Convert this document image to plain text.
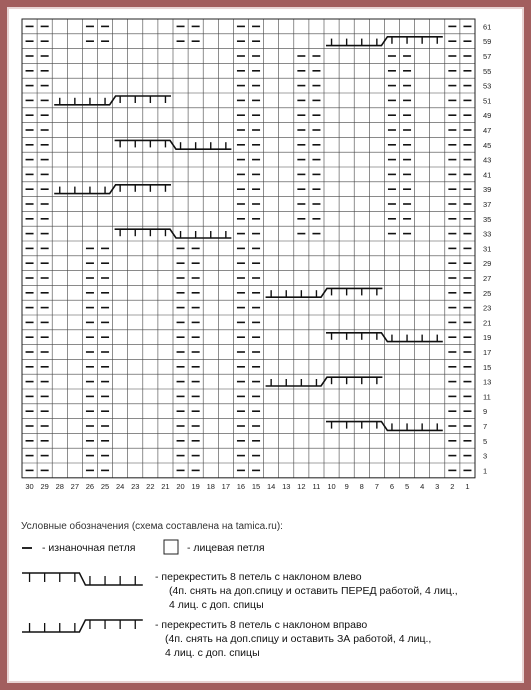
61
59
57
55
53
51
49
47
45
43
41
39
37
35
33
31
29
27
25
23
21
19
17
15
13
11
9
7
5
3
1
30 29 28 27 26 25 24 23 22 21 20 19 18 17 16 15 14 13 12 11 10 9 8 7 6 5 4 3 2 1
Условные обозначения (схема составлена на tamica.ru):
- изнаночная петля	- лицевая петля
- перекрестить 8 петель с наклоном влево
(4п. снять на доп.спицу и оставить ПЕРЕД работой, 4 лиц.,
4 лиц. с доп. спицы
- перекрестить 8 петель с наклоном вправо
(4п. снять на доп.спицу и оставить ЗА работой, 4 лиц.,
4 лиц. с доп. спицы
